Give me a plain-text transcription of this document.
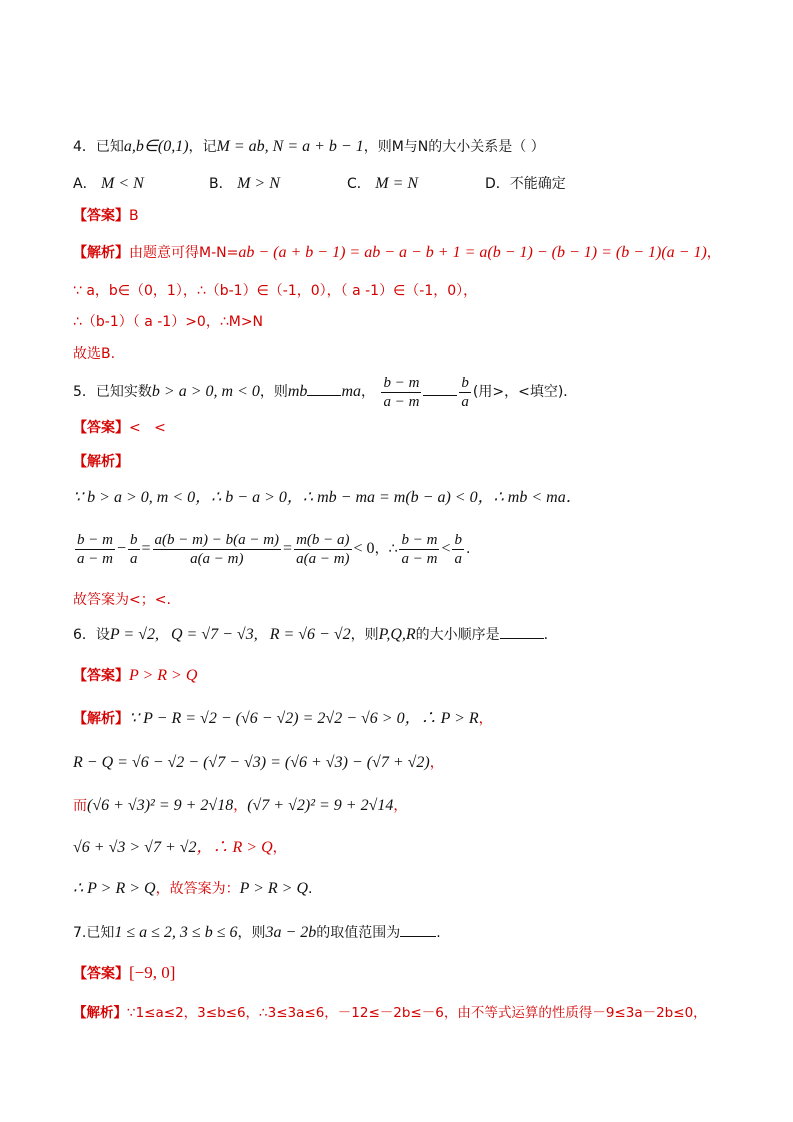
4．已知a,b∈(0,1)，记M = ab, N = a + b − 1，则M与N的大小关系是（ ）
A． M < N	B． M > N	C． M = N	D．不能确定
【答案】B
【解析】由题意可得M-N=ab − (a + b − 1) = ab − a − b + 1 = a(b − 1) − (b − 1) = (b − 1)(a − 1)，
∵ a，b∈（0，1），∴（b-1）∈（-1，0），（ a -1）∈（-1，0），
∴（b-1）（ a -1）>0，∴M>N
故选B.
5．已知实数b > a > 0, m < 0，则mb ma， $\frac{b - m}{a - m}$	$\frac{b}{a}$ (用>，<填空)．
【答案】<   <
【解析】
∵ b > a > 0, m < 0，∴ b − a > 0，∴ mb − ma = m(b − a) < 0，∴ mb < ma．
$\frac{b - m}{a - m} - \frac{b}{a} = \frac{a(b - m) - b(a - m)}{a(a - m)} = \frac{m(b - a)}{a(a - m)} < 0$，∴ $\frac{b - m}{a - m} < \frac{b}{a}$ .
故答案为<；<.
6．设P = √2,   Q = √7 − √3,   R = √6 − √2，则P,Q,R的大小顺序是	.
【答案】P > R > Q
【解析】∵ P − R = √2 − (√6 − √2) = 2√2 − √6 > 0，∴ P > R，
R − Q = √6 − √2 − (√7 − √3) = (√6 + √3) − (√7 + √2)，
而(√6 + √3)² = 9 + 2√18，(√7 + √2)² = 9 + 2√14，
√6 + √3 > √7 + √2，∴ R > Q，
∴ P > R > Q，故答案为：P > R > Q.
7.已知1 ≤ a ≤ 2, 3 ≤ b ≤ 6，则3a − 2b的取值范围为	.
【答案】[−9, 0]
【解析】∵1≤a≤2，3≤b≤6，∴3≤3a≤6，－12≤－2b≤－6，由不等式运算的性质得－9≤3a－2b≤0，
